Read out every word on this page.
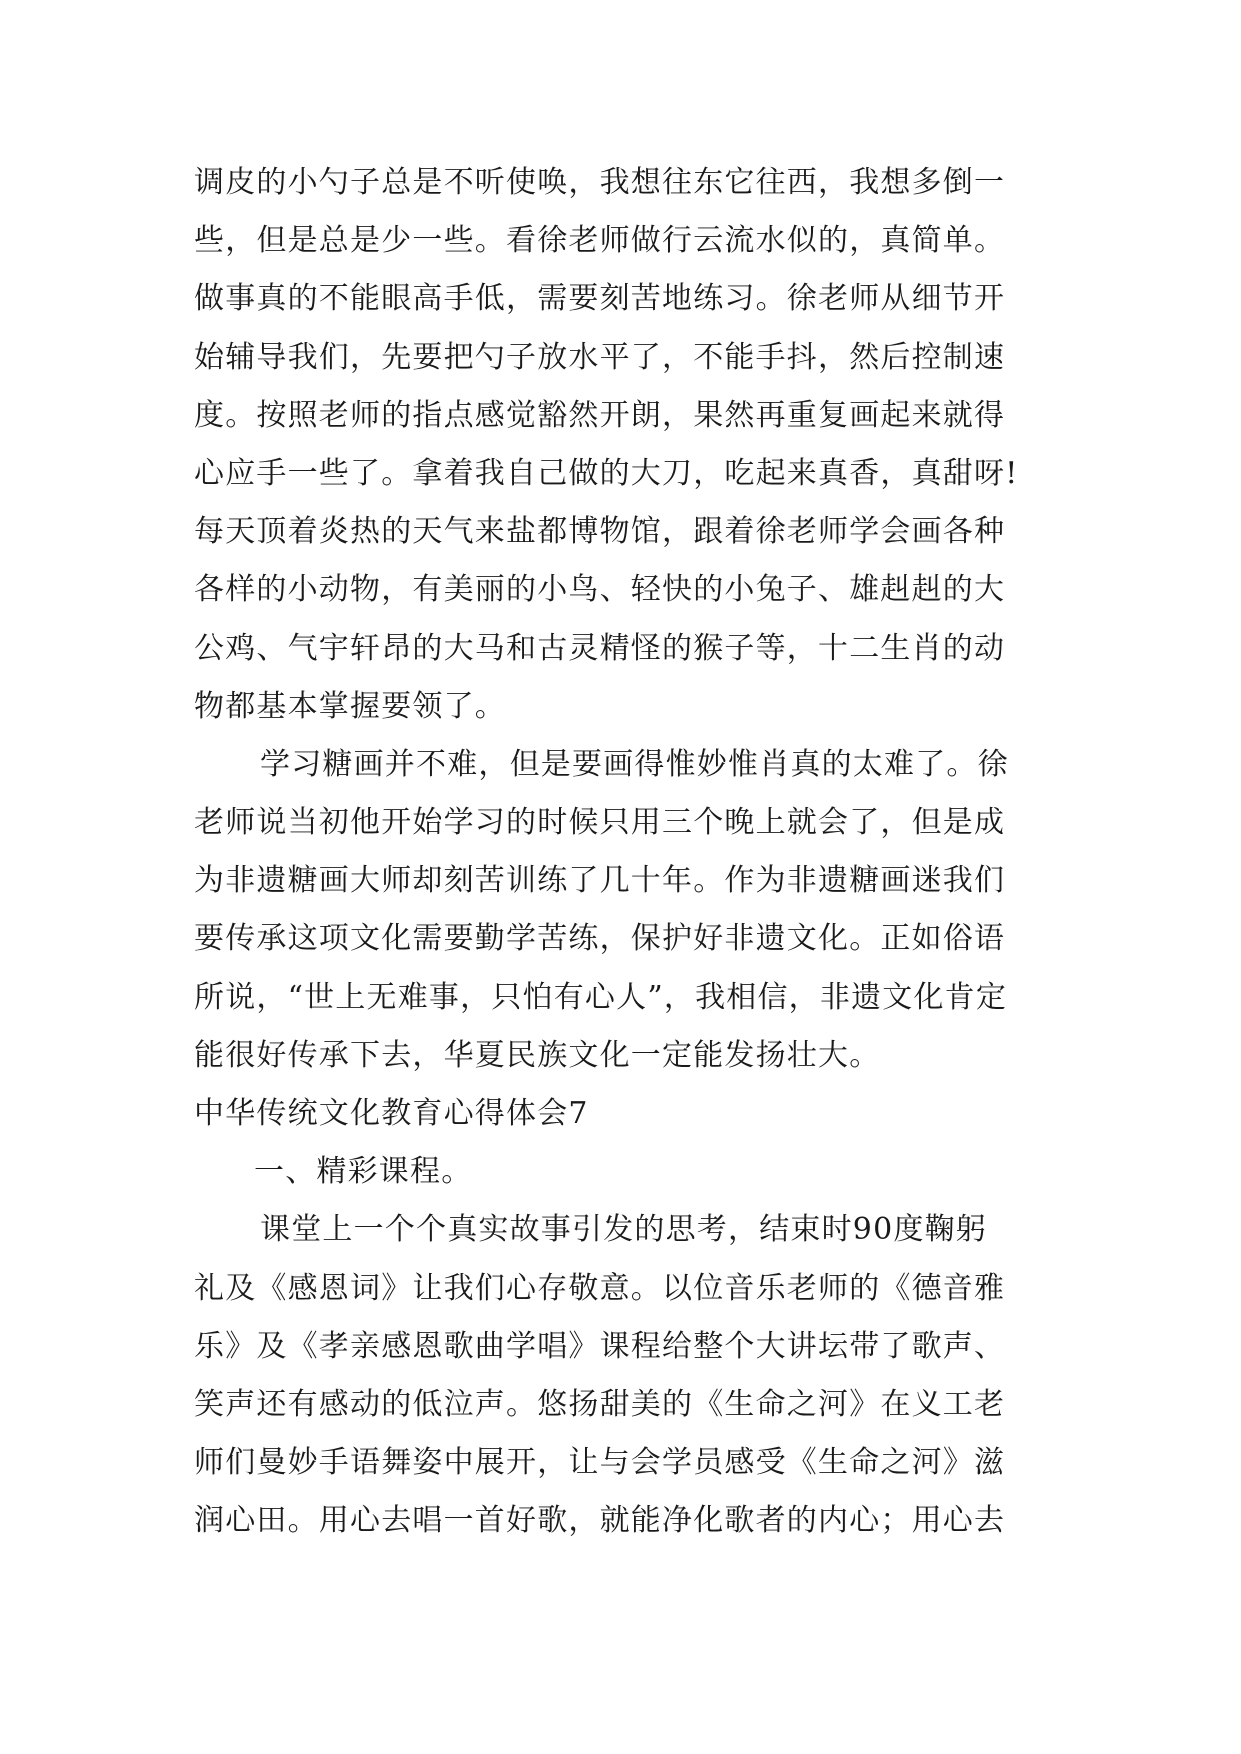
调皮的小勺子总是不听使唤，我想往东它往西，我想多倒一
些，但是总是少一些。看徐老师做行云流水似的，真简单。
做事真的不能眼高手低，需要刻苦地练习。徐老师从细节开
始辅导我们，先要把勺子放水平了，不能手抖，然后控制速
度。按照老师的指点感觉豁然开朗，果然再重复画起来就得
心应手一些了。拿着我自己做的大刀，吃起来真香，真甜呀!
每天顶着炎热的天气来盐都博物馆，跟着徐老师学会画各种
各样的小动物，有美丽的小鸟、轻快的小兔子、雄赳赳的大
公鸡、气宇轩昂的大马和古灵精怪的猴子等，十二生肖的动
物都基本掌握要领了。
学习糖画并不难，但是要画得惟妙惟肖真的太难了。徐
老师说当初他开始学习的时候只用三个晚上就会了，但是成
为非遗糖画大师却刻苦训练了几十年。作为非遗糖画迷我们
要传承这项文化需要勤学苦练，保护好非遗文化。正如俗语
所说，“世上无难事，只怕有心人”，我相信，非遗文化肯定
能很好传承下去，华夏民族文化一定能发扬壮大。
中华传统文化教育心得体会7
一、精彩课程。
课堂上一个个真实故事引发的思考，结束时90度鞠躬
礼及《感恩词》让我们心存敬意。以位音乐老师的《德音雅
乐》及《孝亲感恩歌曲学唱》课程给整个大讲坛带了歌声、
笑声还有感动的低泣声。悠扬甜美的《生命之河》在义工老
师们曼妙手语舞姿中展开，让与会学员感受《生命之河》滋
润心田。用心去唱一首好歌，就能净化歌者的内心；用心去
